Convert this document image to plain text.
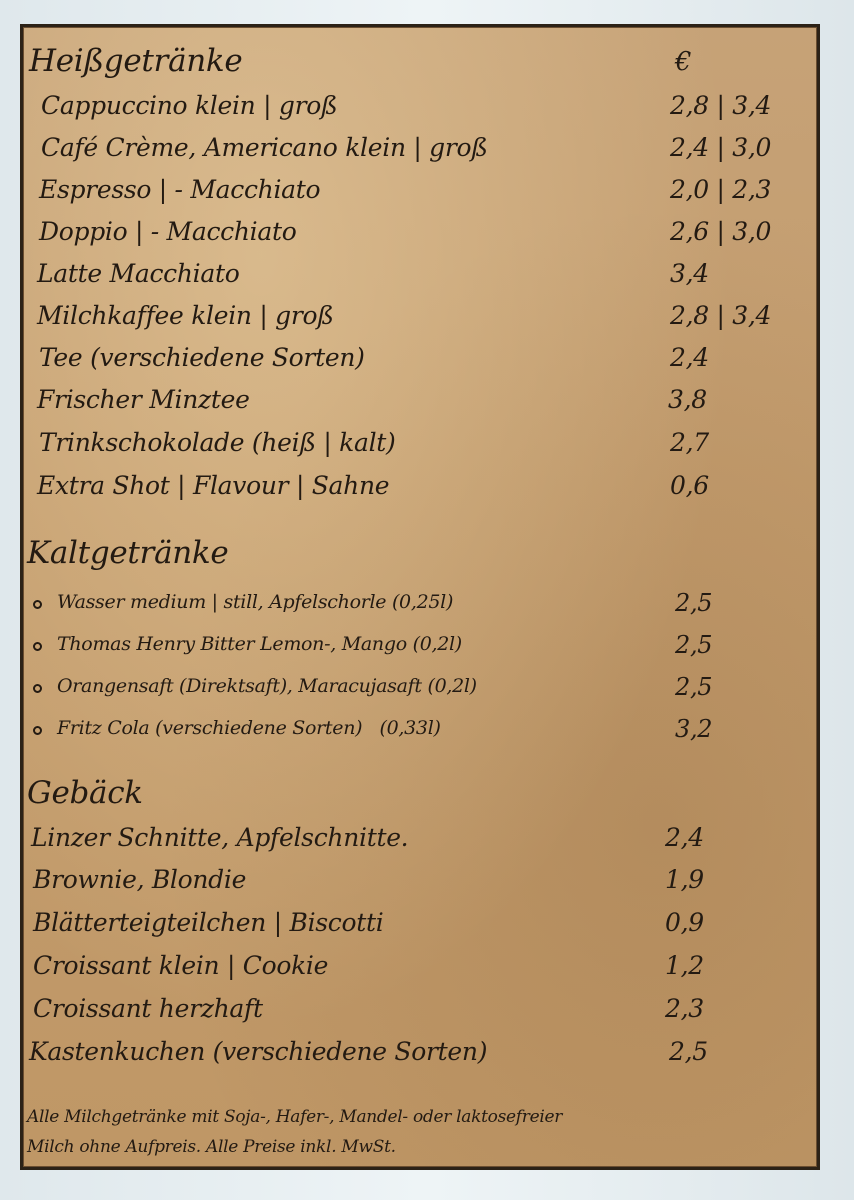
Heißgetränke	€
Cappuccino klein | groß	2,8 | 3,4
Café Crème, Americano klein | groß	2,4 | 3,0
Espresso | - Macchiato	2,0 | 2,3
Doppio | - Macchiato	2,6 | 3,0
Latte Macchiato	3,4
Milchkaffee klein | groß	2,8 | 3,4
Tee (verschiedene Sorten)	2,4
Frischer Minztee	3,8
Trinkschokolade (heiß | kalt)	2,7
Extra Shot | Flavour | Sahne	0,6
Kaltgetränke
Wasser medium | still, Apfelschorle (0,25l)	2,5
Thomas Henry Bitter Lemon-, Mango (0,2l)	2,5
Orangensaft (Direktsaft), Maracujasaft (0,2l)	2,5
Fritz Cola (verschiedene Sorten)   (0,33l)	3,2
Gebäck
Linzer Schnitte, Apfelschnitte.	2,4
Brownie, Blondie	1,9
Blätterteigteilchen | Biscotti	0,9
Croissant klein | Cookie	1,2
Croissant herzhaft	2,3
Kastenkuchen (verschiedene Sorten)	2,5
Alle Milchgetränke mit Soja-, Hafer-, Mandel- oder laktosefreier
Milch ohne Aufpreis. Alle Preise inkl. MwSt.
